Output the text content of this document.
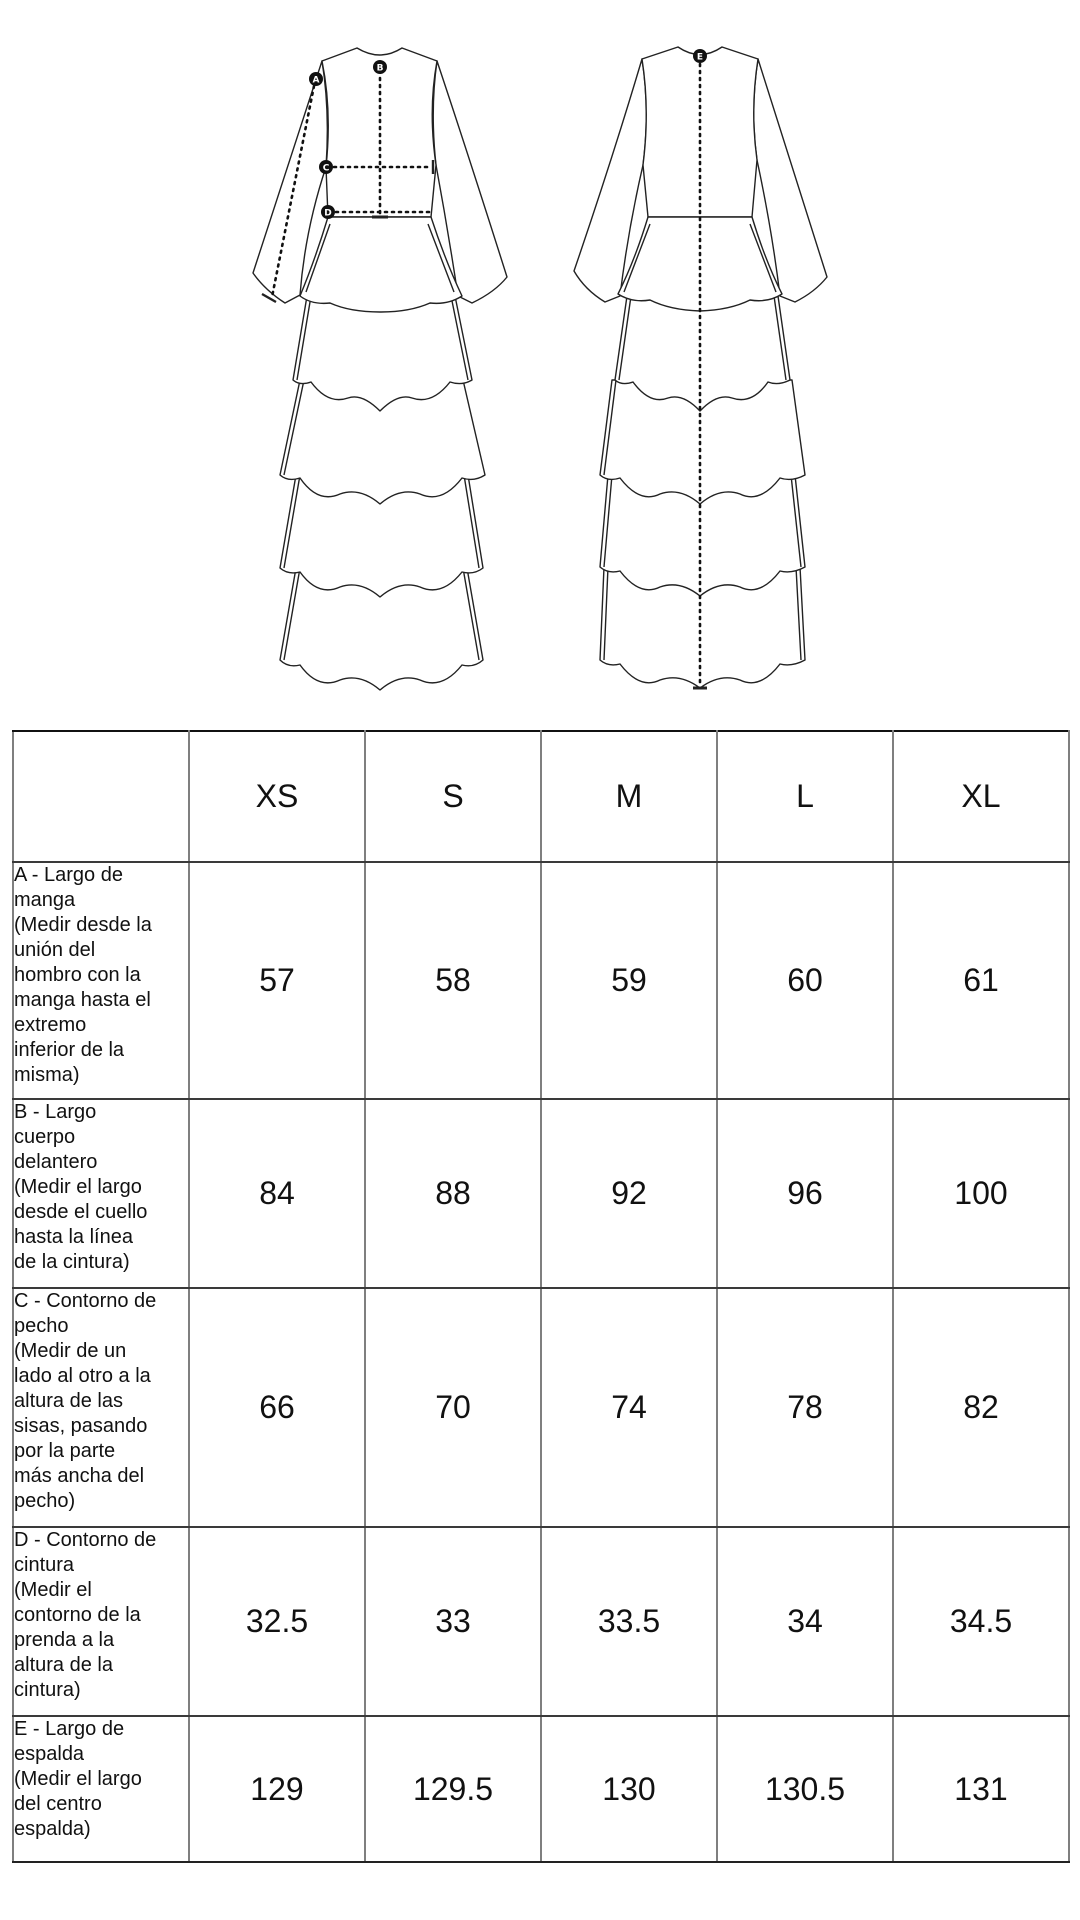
A
B
C
D
E
	XS	S	M	L	XL

A - Largo de
manga
(Medir desde la
unión del
hombro con la
manga hasta el
extremo
inferior de la
misma)
	57	58	59	60	61

B - Largo
cuerpo
delantero
(Medir el largo
desde el cuello
hasta la línea
de la cintura)
	84	88	92	96	100

C - Contorno de
pecho
(Medir de un
lado al otro a la
altura de las
sisas, pasando
por la parte
más ancha del
pecho)
	66	70	74	78	82

D - Contorno de
cintura
(Medir el
contorno de la
prenda a la
altura de la
cintura)
	32.5	33	33.5	34	34.5

E - Largo de
espalda
(Medir el largo
del centro
espalda)	129	129.5	130	130.5	131
